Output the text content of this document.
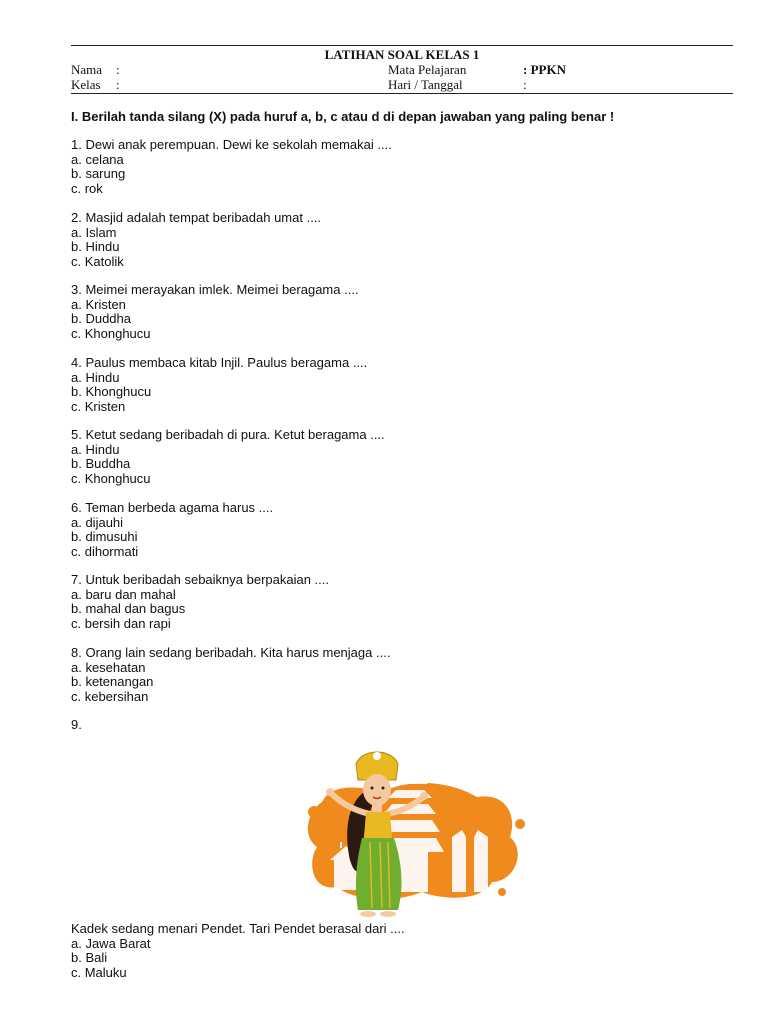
LATIHAN SOAL KELAS 1
Nama :	Mata Pelajaran	: PPKN
Kelas :	Hari / Tanggal	:
I. Berilah tanda silang (X) pada huruf a, b, c atau d di depan jawaban yang paling benar !
1. Dewi anak perempuan. Dewi ke sekolah memakai ....
a. celana
b. sarung
c. rok
2. Masjid adalah tempat beribadah umat ....
a. Islam
b. Hindu
c. Katolik
3. Meimei merayakan imlek. Meimei beragama ....
a. Kristen
b. Duddha
c. Khonghucu
4. Paulus membaca kitab Injil. Paulus beragama ....
a. Hindu
b. Khonghucu
c. Kristen
5. Ketut sedang beribadah di pura. Ketut beragama ....
a. Hindu
b. Buddha
c. Khonghucu
6. Teman berbeda agama harus ....
a. dijauhi
b. dimusuhi
c. dihormati
7. Untuk beribadah sebaiknya berpakaian ....
a. baru dan mahal
b. mahal dan bagus
c. bersih dan rapi
8. Orang lain sedang beribadah. Kita harus menjaga ....
a. kesehatan
b. ketenangan
c. kebersihan
9.
Kadek sedang menari Pendet. Tari Pendet berasal dari ....
a. Jawa Barat
b. Bali
c. Maluku
